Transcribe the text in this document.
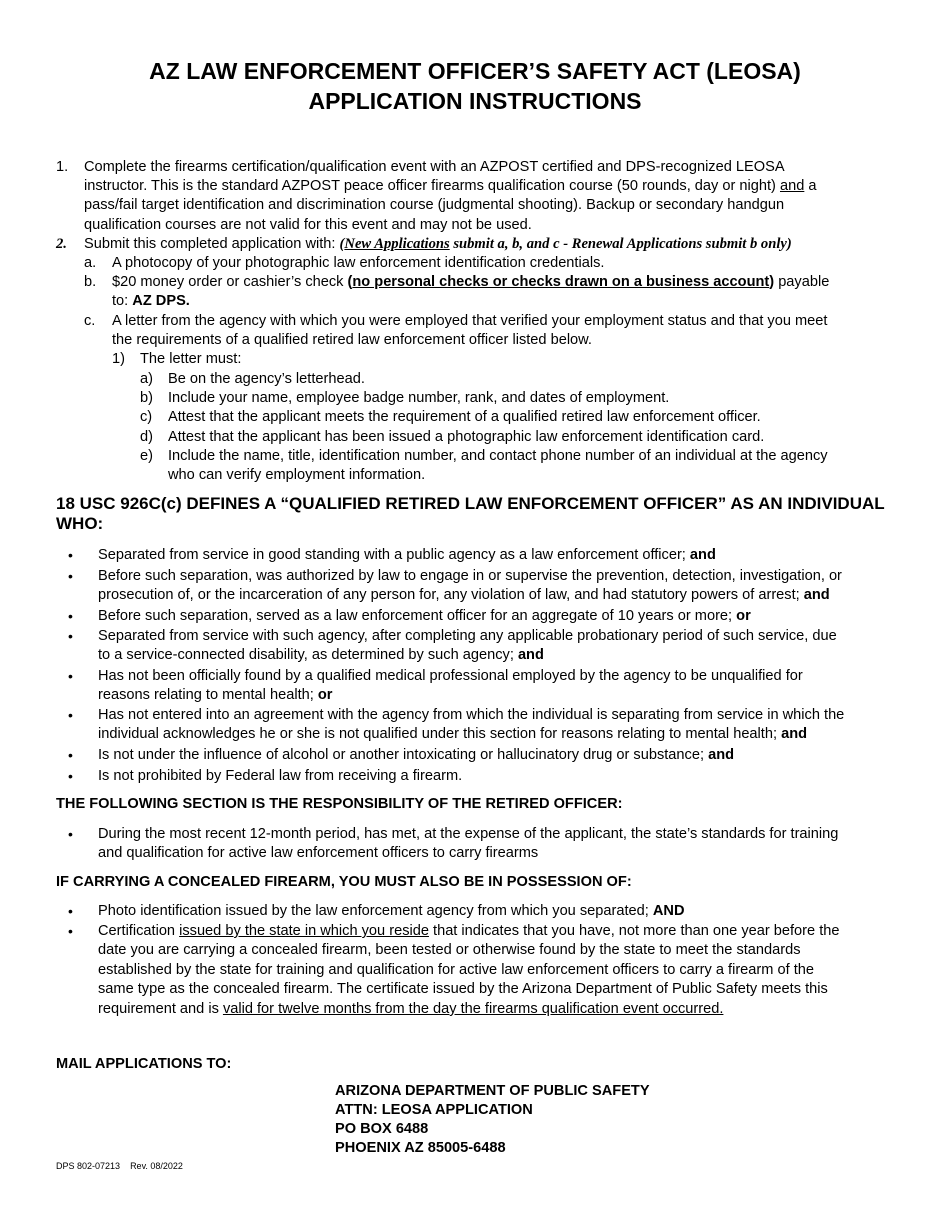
AZ LAW ENFORCEMENT OFFICER’S SAFETY ACT (LEOSA)
APPLICATION INSTRUCTIONS
1. Complete the firearms certification/qualification event with an AZPOST certified and DPS-recognized LEOSA
instructor. This is the standard AZPOST peace officer firearms qualification course (50 rounds, day or night) and a
pass/fail target identification and discrimination course (judgmental shooting). Backup or secondary handgun
qualification courses are not valid for this event and may not be used.
2. Submit this completed application with: (New Applications submit a, b, and c - Renewal Applications submit b only)
a. A photocopy of your photographic law enforcement identification credentials.
b. $20 money order or cashier’s check (no personal checks or checks drawn on a business account) payable
to: AZ DPS.
c. A letter from the agency with which you were employed that verified your employment status and that you meet
the requirements of a qualified retired law enforcement officer listed below.
1) The letter must:
a) Be on the agency’s letterhead.
b) Include your name, employee badge number, rank, and dates of employment.
c) Attest that the applicant meets the requirement of a qualified retired law enforcement officer.
d) Attest that the applicant has been issued a photographic law enforcement identification card.
e) Include the name, title, identification number, and contact phone number of an individual at the agency
who can verify employment information.
18 USC 926C(c) DEFINES A “QUALIFIED RETIRED LAW ENFORCEMENT OFFICER” AS AN INDIVIDUAL
WHO:
• Separated from service in good standing with a public agency as a law enforcement officer; and
• Before such separation, was authorized by law to engage in or supervise the prevention, detection, investigation, or
prosecution of, or the incarceration of any person for, any violation of law, and had statutory powers of arrest; and
• Before such separation, served as a law enforcement officer for an aggregate of 10 years or more; or
• Separated from service with such agency, after completing any applicable probationary period of such service, due
to a service-connected disability, as determined by such agency; and
• Has not been officially found by a qualified medical professional employed by the agency to be unqualified for
reasons relating to mental health; or
• Has not entered into an agreement with the agency from which the individual is separating from service in which the
individual acknowledges he or she is not qualified under this section for reasons relating to mental health; and
• Is not under the influence of alcohol or another intoxicating or hallucinatory drug or substance; and
• Is not prohibited by Federal law from receiving a firearm.
THE FOLLOWING SECTION IS THE RESPONSIBILITY OF THE RETIRED OFFICER:
• During the most recent 12-month period, has met, at the expense of the applicant, the state’s standards for training
and qualification for active law enforcement officers to carry firearms
IF CARRYING A CONCEALED FIREARM, YOU MUST ALSO BE IN POSSESSION OF:
• Photo identification issued by the law enforcement agency from which you separated; AND
• Certification issued by the state in which you reside that indicates that you have, not more than one year before the
date you are carrying a concealed firearm, been tested or otherwise found by the state to meet the standards
established by the state for training and qualification for active law enforcement officers to carry a firearm of the
same type as the concealed firearm. The certificate issued by the Arizona Department of Public Safety meets this
requirement and is valid for twelve months from the day the firearms qualification event occurred.
MAIL APPLICATIONS TO:
ARIZONA DEPARTMENT OF PUBLIC SAFETY
ATTN: LEOSA APPLICATION
PO BOX 6488
PHOENIX AZ 85005-6488
DPS 802-07213 Rev. 08/2022
